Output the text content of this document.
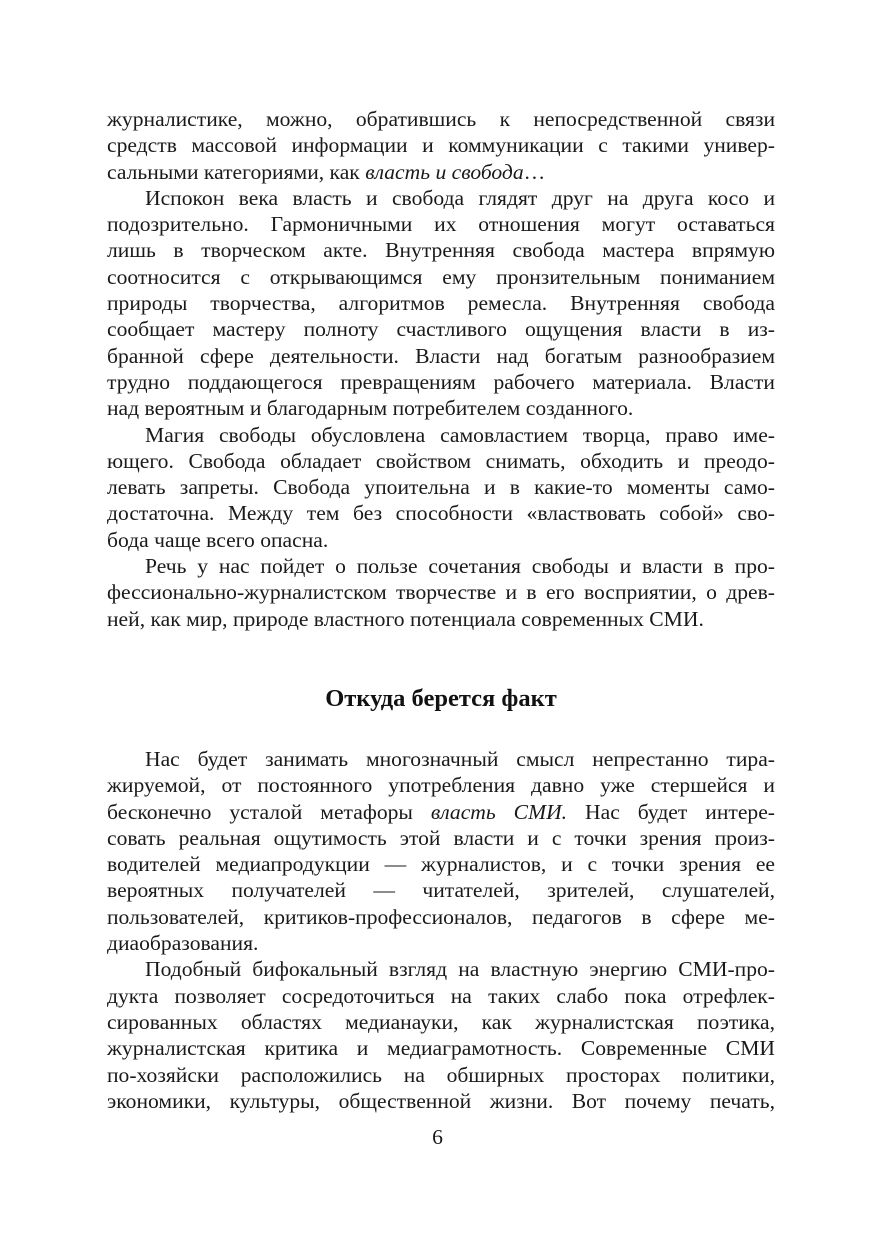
журналистике, можно, обратившись к непосредственной связи
средств массовой информации и коммуникации с такими универ-
сальными категориями, как власть и свобода…
Испокон века власть и свобода глядят друг на друга косо и
подозрительно. Гармоничными их отношения могут оставаться
лишь в творческом акте. Внутренняя свобода мастера впрямую
соотносится с открывающимся ему пронзительным пониманием
природы творчества, алгоритмов ремесла. Внутренняя свобода
сообщает мастеру полноту счастливого ощущения власти в из-
бранной сфере деятельности. Власти над богатым разнообразием
трудно поддающегося превращениям рабочего материала. Власти
над вероятным и благодарным потребителем созданного.
Магия свободы обусловлена самовластием творца, право име-
ющего. Свобода обладает свойством снимать, обходить и преодо-
левать запреты. Свобода упоительна и в какие-то моменты само-
достаточна. Между тем без способности «властвовать собой» сво-
бода чаще всего опасна.
Речь у нас пойдет о пользе сочетания свободы и власти в про-
фессионально-журналистском творчестве и в его восприятии, о древ-
ней, как мир, природе властного потенциала современных СМИ.
Откуда берется факт
Нас будет занимать многозначный смысл непрестанно тира-
жируемой, от постоянного употребления давно уже стершейся и
бесконечно усталой метафоры власть СМИ. Нас будет интере-
совать реальная ощутимость этой власти и с точки зрения произ-
водителей медиапродукции — журналистов, и с точки зрения ее
вероятных получателей — читателей, зрителей, слушателей,
пользователей, критиков-профессионалов, педагогов в сфере ме-
диаобразования.
Подобный бифокальный взгляд на властную энергию СМИ-про-
дукта позволяет сосредоточиться на таких слабо пока отрефлек-
сированных областях медианауки, как журналистская поэтика,
журналистская критика и медиаграмотность. Современные СМИ
по-хозяйски расположились на обширных просторах политики,
экономики, культуры, общественной жизни. Вот почему печать,
6
